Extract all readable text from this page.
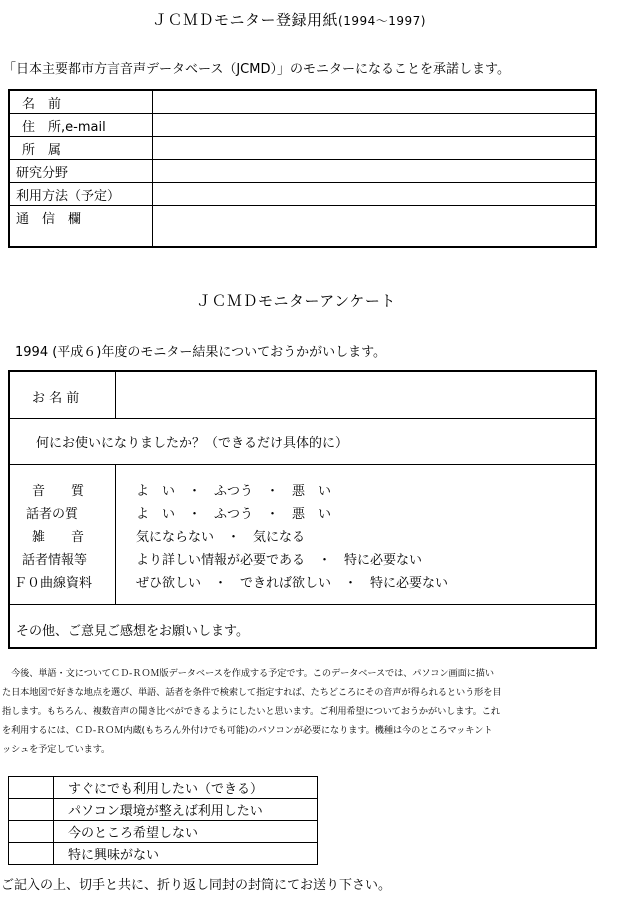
ＪＣＭＤモニター登録用紙(1994～1997)
「日本主要都市方言音声データベース（JCMD）」のモニターになることを承諾します。
名　前	
住　所,e-mail	
所　属	
研究分野	
利用方法（予定）	
通　信　欄	
ＪＣＭＤモニターアンケート
1994 (平成６)年度のモニター結果についておうかがいします。
お 名 前
何にお使いになりましたか？（できるだけ具体的に）
音　　質	よ　い　・　ふつう　・　悪　い
話者の質	よ　い　・　ふつう　・　悪　い
雑　　音	気にならない　・　気になる
話者情報等	より詳しい情報が必要である　・　特に必要ない
Ｆ０曲線資料	ぜひ欲しい　・　できれば欲しい　・　特に必要ない
その他、ご意見ご感想をお願いします。
　今後、単語・文についてＣＤ-ＲＯＭ版データベースを作成する予定です。このデータベースでは、パソコン画面に描い
た日本地図で好きな地点を選び、単語、話者を条件で検索して指定すれば、たちどころにその音声が得られるという形を目
指します。もちろん、複数音声の聞き比べができるようにしたいと思います。ご利用希望についておうかがいします。これ
を利用するには、ＣＤ-ＲＯＭ内蔵(もちろん外付けでも可能)のパソコンが必要になります。機種は今のところマッキント
ッシュを予定しています。
	すぐにでも利用したい（できる）
	パソコン環境が整えば利用したい
	今のところ希望しない
	特に興味がない
ご記入の上、切手と共に、折り返し同封の封筒にてお送り下さい。
